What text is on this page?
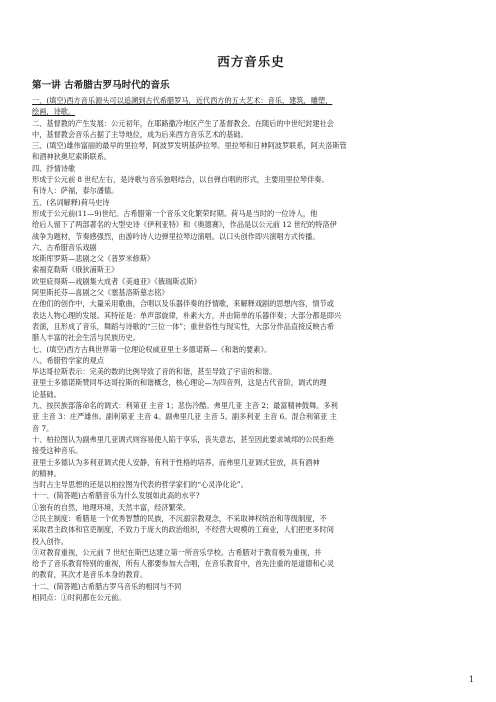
西方音乐史
第一讲 古希腊古罗马时代的音乐
一、(填空)西方音乐源头可以追溯到古代希腊罗马，近代西方的五大艺术：音乐，建筑，雕塑，
绘画，诗歌。
二、基督教的产生发展：公元初年，在耶路撒冷地区产生了基督教会。在随后的中世纪封建社会
中，基督教会音乐占据了主导地位，成为后来西方音乐艺术的基础。
三、(填空)雄伟富丽的最早的里拉琴，阿波罗发明基萨拉琴。里拉琴和日神阿波罗联系，阿夫洛斯管
和酒神狄奥尼索斯联系。
四、抒情诗歌
形成于公元前 8 世纪左右，是诗歌与音乐独唱结合，以自弹自唱的形式，主要用里拉琴伴奏。
有诗人：萨福，泰尔潘德。
五、(名词解释)荷马史诗
形成于公元前(11—9)世纪。古希腊第一个音乐文化繁荣时期。荷马是当时的一位诗人，他
给后人留下了两部著名的大型史诗《伊利亚特》和《奥德赛》，作品是以公元前 12 世纪的特洛伊
战争为题材，节奏感强烈，由游吟诗人边弹里拉琴边演唱。以口头创作即兴演唱方式传播。
六、古希腊音乐戏剧
埃斯库罗斯—悲剧之父《普罗米修斯》
索福克勒斯《俄狄浦斯王》
欧里庇得斯—戏剧集大成者《美迪亚》《俄瑞斯忒斯》
阿里斯托芬—喜剧之父《塞基洛斯墓志铭》
在他们的创作中，大量采用歌曲，合唱以及乐器伴奏的抒情歌，来解释戏剧的思想内容，情节或
表达人物心理的发展。其特征是：单声部旋律，朴素大方，并由简单的乐器伴奏；大部分都是即兴
表演，且形成了音乐，舞蹈与诗歌的“三位一体”；重世俗性与现实性，大部分作品直接反映古希
腊人丰富的社会生活与民族历史。
七、(填空)西方古典世界第一位理论权威亚里士多德诺斯—《和谐的要素》。
八、希腊哲学家的观点
毕达哥拉斯表示：完美的数的比例导致了音的和谐，甚至导致了宇宙的和谐。
亚里士多德诺斯赞同毕达哥拉斯的和谐概念，核心理论—为四音列，这是古代音阶，调式的理
论基础。
九、按民族部落命名的调式：利第亚 主音 1；悲伤冷酷。弗里几亚 主音 2；最富精神鼓舞。多利
亚 主音 3：庄严雄伟。副利第亚 主音 4。副弗里几亚 主音 5。副多利亚 主音 6。混合利第亚 主
音 7。
十、柏拉图认为副弗里几亚调式则容易使人陷于享乐，丧失意志，甚至因此要求城邦的公民拒绝
接受这种音乐。
亚里士多德认为多利亚调式使人安静，有利于性格的培养，而弗里几亚调式狂放，具有酒神
的精神。
当时占主导思想的还是以柏拉图为代表的哲学家们的“心灵净化论”。
十一、(简答题)古希腊音乐为什么发展如此高的水平?
①独有的自然，地理环境，天然丰富，经济繁荣。
②民主制度：希腊是一个优秀智慧的民族，不沉溺宗教观念，不采取神权统治和等级制度，不
采取君主政体和官吏制度，不致力于庞大的政治组织，不经营大规模的工商业，人们把更多时间
投入创作。
③对教育重视，公元前 7 世纪在斯巴达建立第一所音乐学校。古希腊对于教育极为重视，并
给予了音乐教育特别的重视，所有人都要参加大合唱，在音乐教育中，首先注重的是道德和心灵
的教育，其次才是音乐本身的教育。
十二、(简答题)古希腊古罗马音乐的相同与不同
相同点：①时间都在公元前。
1
